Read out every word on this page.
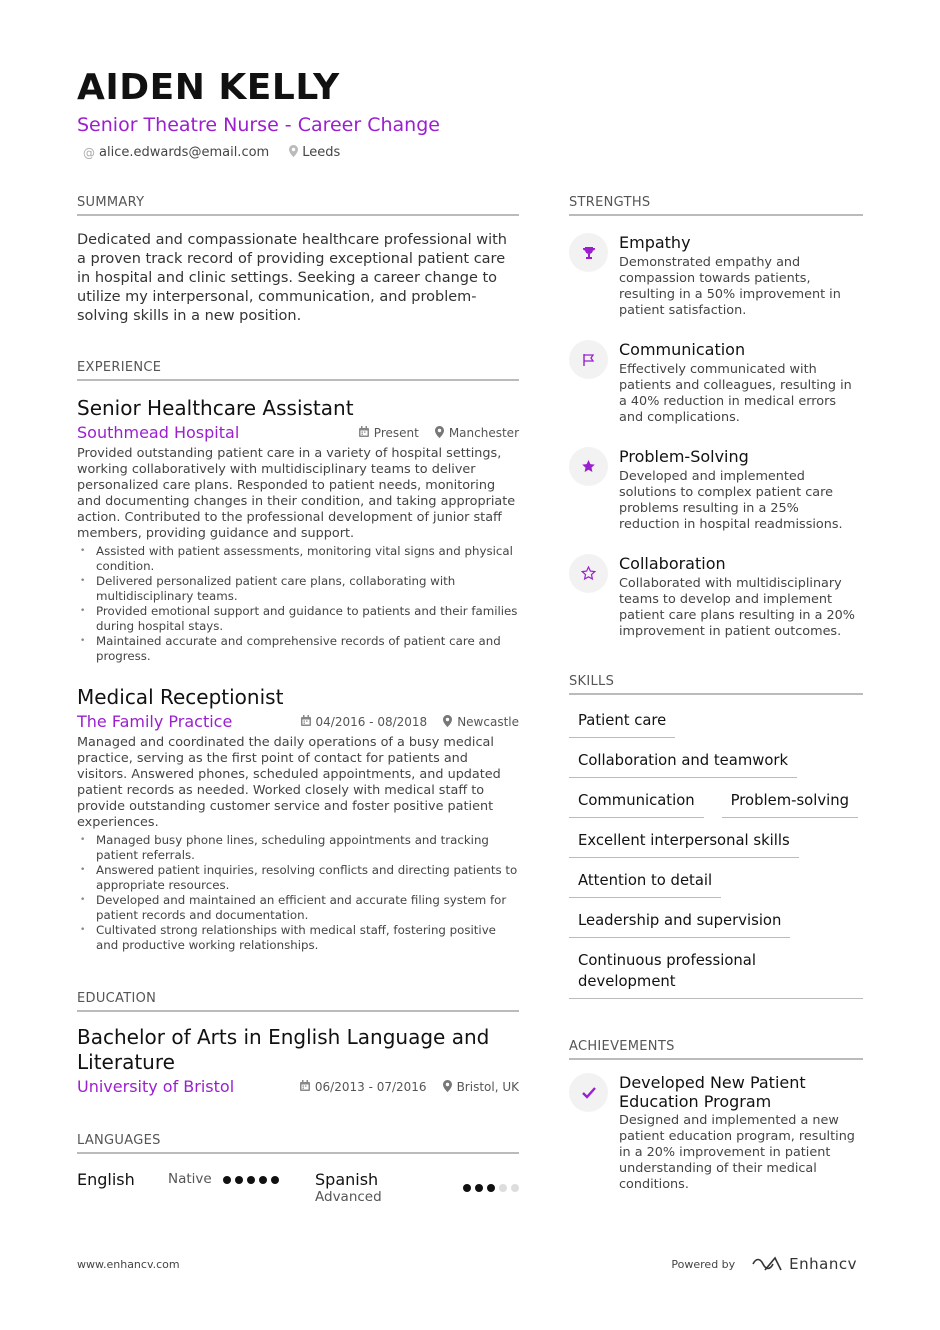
AIDEN KELLY
Senior Theatre Nurse - Career Change
@ alice.edwards@email.com	Leeds
SUMMARY
Dedicated and compassionate healthcare professional with a proven track record of providing exceptional patient care in hospital and clinic settings. Seeking a career change to utilize my interpersonal, communication, and problem-solving skills in a new position.
EXPERIENCE
Senior Healthcare Assistant
Southmead Hospital	Present	Manchester
Provided outstanding patient care in a variety of hospital settings, working collaboratively with multidisciplinary teams to deliver personalized care plans. Responded to patient needs, monitoring and documenting changes in their condition, and taking appropriate action. Contributed to the professional development of junior staff members, providing guidance and support.
• Assisted with patient assessments, monitoring vital signs and physical condition.
• Delivered personalized patient care plans, collaborating with multidisciplinary teams.
• Provided emotional support and guidance to patients and their families during hospital stays.
• Maintained accurate and comprehensive records of patient care and progress.
Medical Receptionist
The Family Practice	04/2016 - 08/2018	Newcastle
Managed and coordinated the daily operations of a busy medical practice, serving as the first point of contact for patients and visitors. Answered phones, scheduled appointments, and updated patient records as needed. Worked closely with medical staff to provide outstanding customer service and foster positive patient experiences.
• Managed busy phone lines, scheduling appointments and tracking patient referrals.
• Answered patient inquiries, resolving conflicts and directing patients to appropriate resources.
• Developed and maintained an efficient and accurate filing system for patient records and documentation.
• Cultivated strong relationships with medical staff, fostering positive and productive working relationships.
EDUCATION
Bachelor of Arts in English Language and Literature
University of Bristol	06/2013 - 07/2016	Bristol, UK
LANGUAGES
English	Native	Spanish
Advanced
STRENGTHS
Empathy
Demonstrated empathy and compassion towards patients, resulting in a 50% improvement in patient satisfaction.
Communication
Effectively communicated with patients and colleagues, resulting in a 40% reduction in medical errors and complications.
Problem-Solving
Developed and implemented solutions to complex patient care problems resulting in a 25% reduction in hospital readmissions.
Collaboration
Collaborated with multidisciplinary teams to develop and implement patient care plans resulting in a 20% improvement in patient outcomes.
SKILLS
Patient care
Collaboration and teamwork
Communication	Problem-solving
Excellent interpersonal skills
Attention to detail
Leadership and supervision
Continuous professional development
ACHIEVEMENTS
Developed New Patient Education Program
Designed and implemented a new patient education program, resulting in a 20% improvement in patient understanding of their medical conditions.
www.enhancv.com	Powered by	Enhancv
